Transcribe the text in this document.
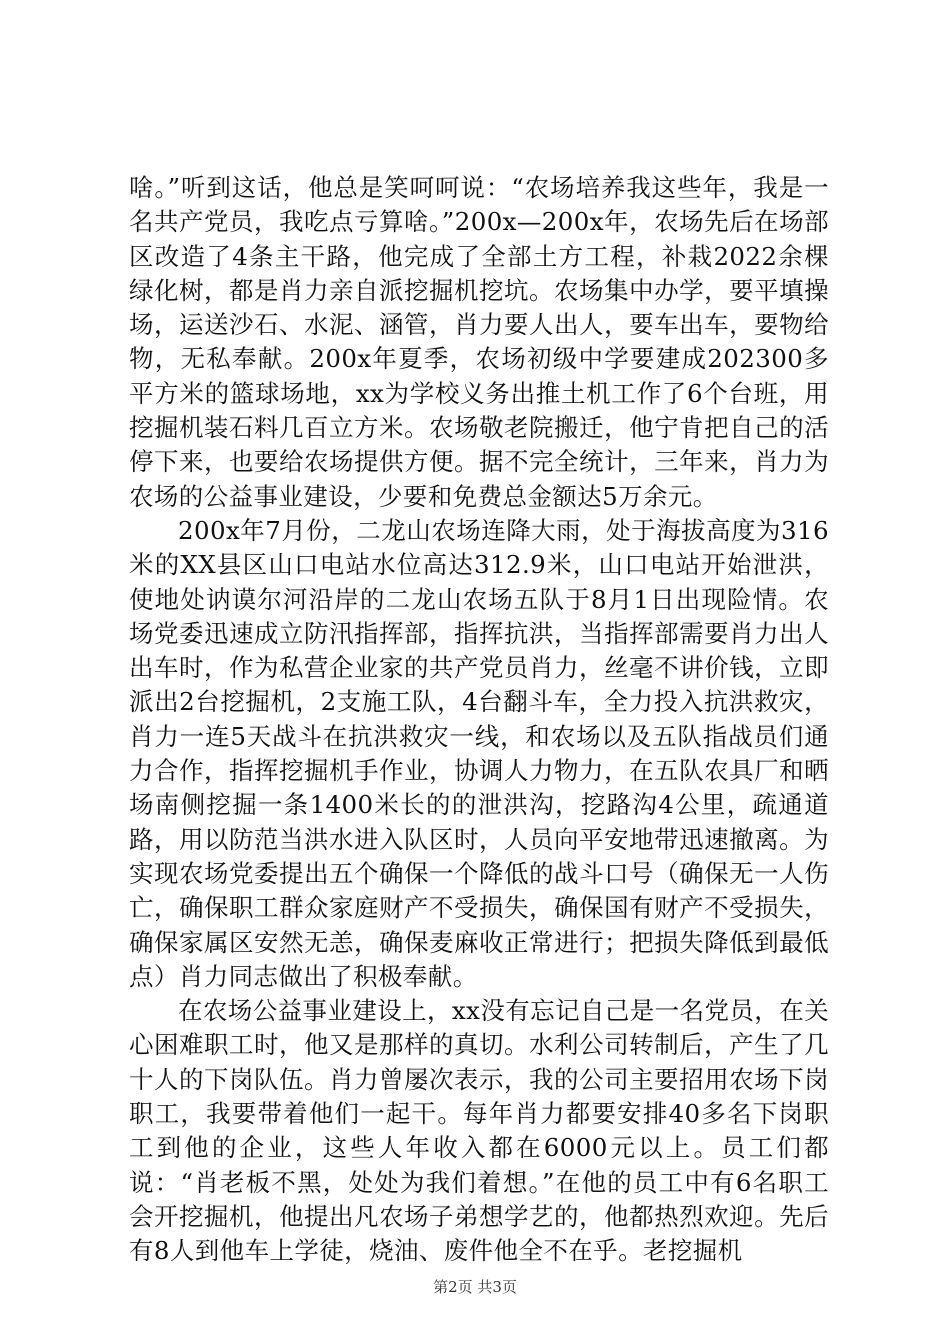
啥。”听到这话，他总是笑呵呵说：“农场培养我这些年，我是一名共产党员，我吃点亏算啥。”200x—200x年，农场先后在场部区改造了4条主干路，他完成了全部土方工程，补栽2022余棵绿化树，都是肖力亲自派挖掘机挖坑。农场集中办学，要平填操场，运送沙石、水泥、涵管，肖力要人出人，要车出车，要物给物，无私奉献。200x年夏季，农场初级中学要建成202300多平方米的篮球场地，xx为学校义务出推土机工作了6个台班，用挖掘机装石料几百立方米。农场敬老院搬迁，他宁肯把自己的活停下来，也要给农场提供方便。据不完全统计，三年来，肖力为农场的公益事业建设，少要和免费总金额达5万余元。

200x年7月份，二龙山农场连降大雨，处于海拔高度为316米的XX县区山口电站水位高达312.9米，山口电站开始泄洪，使地处讷谟尔河沿岸的二龙山农场五队于8月1日出现险情。农场党委迅速成立防汛指挥部，指挥抗洪，当指挥部需要肖力出人出车时，作为私营企业家的共产党员肖力，丝毫不讲价钱，立即派出2台挖掘机，2支施工队，4台翻斗车，全力投入抗洪救灾，肖力一连5天战斗在抗洪救灾一线，和农场以及五队指战员们通力合作，指挥挖掘机手作业，协调人力物力，在五队农具厂和晒场南侧挖掘一条1400米长的的泄洪沟，挖路沟4公里，疏通道路，用以防范当洪水进入队区时，人员向平安地带迅速撤离。为实现农场党委提出五个确保一个降低的战斗口号（确保无一人伤亡，确保职工群众家庭财产不受损失，确保国有财产不受损失，确保家属区安然无恙，确保麦麻收正常进行；把损失降低到最低点）肖力同志做出了积极奉献。

在农场公益事业建设上，xx没有忘记自己是一名党员，在关心困难职工时，他又是那样的真切。水利公司转制后，产生了几十人的下岗队伍。肖力曾屡次表示，我的公司主要招用农场下岗职工，我要带着他们一起干。每年肖力都要安排40多名下岗职工到他的企业，这些人年收入都在6000元以上。员工们都说：“肖老板不黑，处处为我们着想。”在他的员工中有6名职工会开挖掘机，他提出凡农场子弟想学艺的，他都热烈欢迎。先后有8人到他车上学徒，烧油、废件他全不在乎。老挖掘机

第2页 共3页
